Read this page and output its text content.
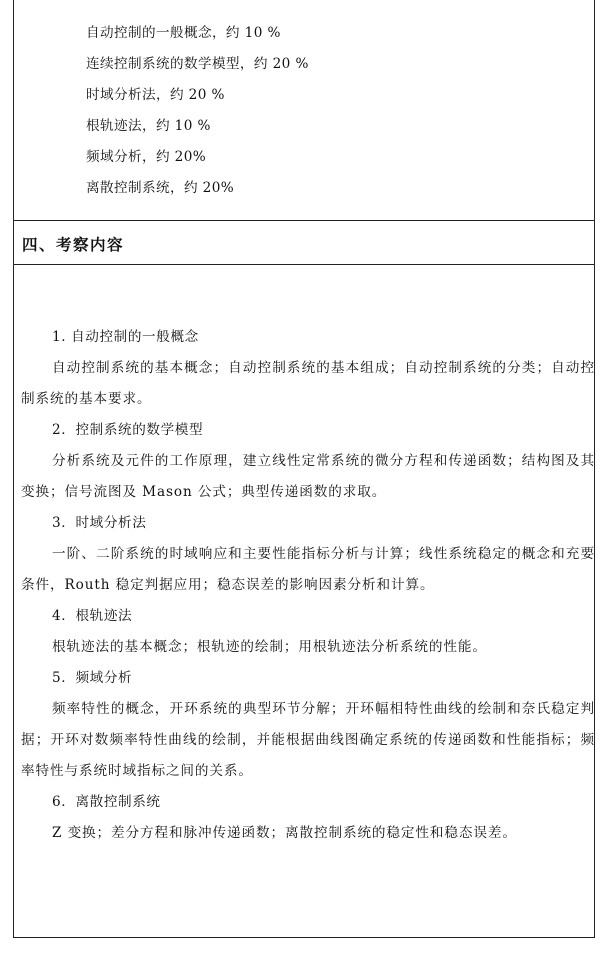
自动控制的一般概念，约 10 %
连续控制系统的数学模型，约 20 %
时域分析法，约 20 %
根轨迹法，约 10 %
频域分析，约 20%
离散控制系统，约 20%
四、考察内容

1. 自动控制的一般概念

自动控制系统的基本概念；自动控制系统的基本组成；自动控制系统的分类；自动控制系统的基本要求。

2．控制系统的数学模型

分析系统及元件的工作原理，建立线性定常系统的微分方程和传递函数；结构图及其变换；信号流图及 Mason 公式；典型传递函数的求取。

3．时域分析法

一阶、二阶系统的时域响应和主要性能指标分析与计算；线性系统稳定的概念和充要条件，Routh 稳定判据应用；稳态误差的影响因素分析和计算。

4．根轨迹法

根轨迹法的基本概念；根轨迹的绘制；用根轨迹法分析系统的性能。

5．频域分析

频率特性的概念，开环系统的典型环节分解；开环幅相特性曲线的绘制和奈氏稳定判据；开环对数频率特性曲线的绘制，并能根据曲线图确定系统的传递函数和性能指标；频率特性与系统时域指标之间的关系。

6．离散控制系统

Z 变换；差分方程和脉冲传递函数；离散控制系统的稳定性和稳态误差。
